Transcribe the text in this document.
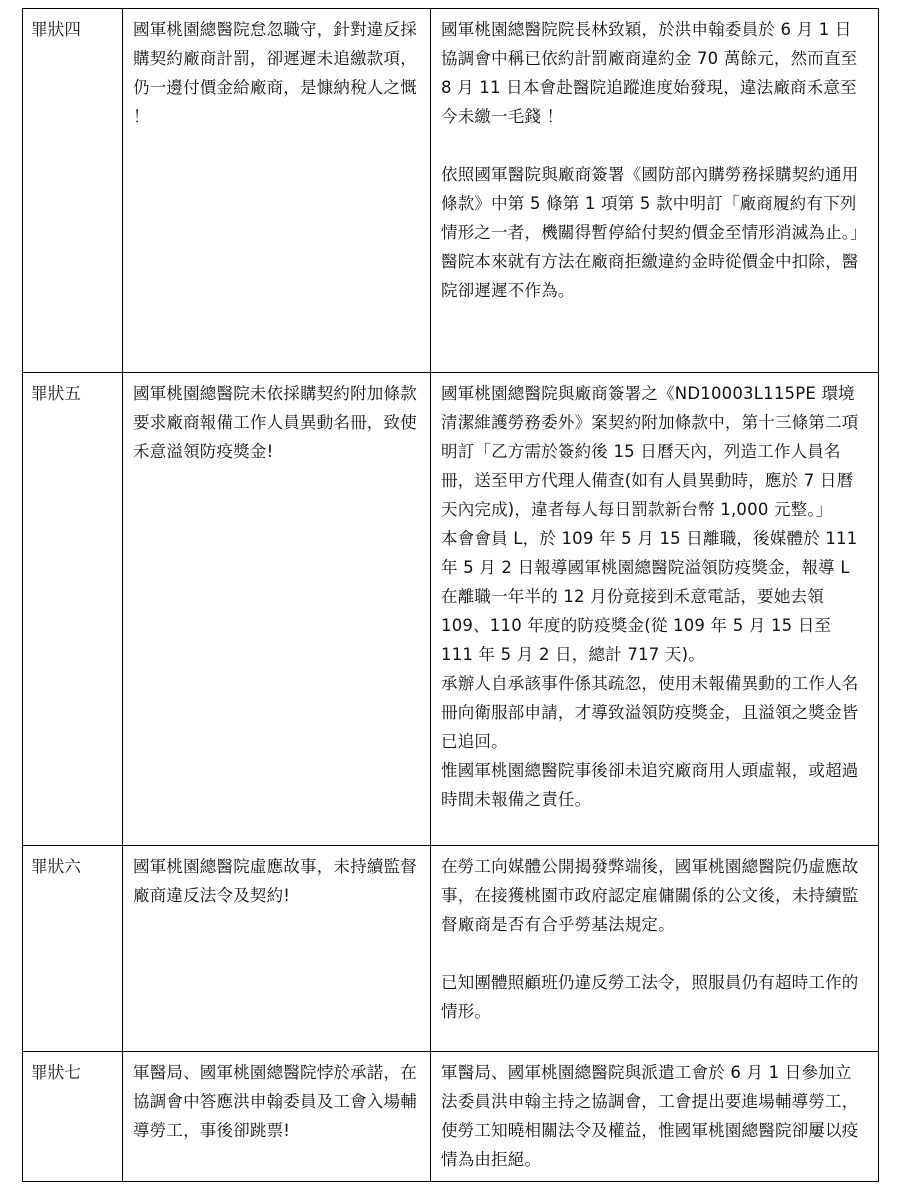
罪狀四	國軍桃園總醫院怠忽職守，針對違反採購契約廠商計罰，卻遲遲未追繳款項，仍一邊付價金給廠商，是慷納稅人之慨 ！	國軍桃園總醫院院長林致穎，於洪申翰委員於 6 月 1 日協調會中稱已依約計罰廠商違約金 70 萬餘元，然而直至 8 月 11 日本會赴醫院追蹤進度始發現，違法廠商禾意至今未繳一毛錢 ！
依照國軍醫院與廠商簽署《國防部內購勞務採購契約通用條款》中第 5 條第 1 項第 5 款中明訂「廠商履約有下列情形之一者，機關得暫停給付契約價金至情形消滅為止。」醫院本來就有方法在廠商拒繳違約金時從價金中扣除，醫院卻遲遲不作為。

罪狀五	國軍桃園總醫院未依採購契約附加條款要求廠商報備工作人員異動名冊，致使禾意溢領防疫獎金!	國軍桃園總醫院與廠商簽署之《ND10003L115PE 環境清潔維護勞務委外》案契約附加條款中，第十三條第二項明訂「乙方需於簽約後 15 日曆天內，列造工作人員名冊，送至甲方代理人備查(如有人員異動時，應於 7 日曆天內完成)，違者每人每日罰款新台幣 1,000 元整。」
本會會員 L，於 109 年 5 月 15 日離職，後媒體於 111 年 5 月 2 日報導國軍桃園總醫院溢領防疫獎金，報導 L 在離職一年半的 12 月份竟接到禾意電話，要她去領 109、110 年度的防疫獎金(從 109 年 5 月 15 日至 111 年 5 月 2 日，總計 717 天)。
承辦人自承該事件係其疏忽，使用未報備異動的工作人名冊向衛服部申請，才導致溢領防疫獎金，且溢領之獎金皆已追回。
惟國軍桃園總醫院事後卻未追究廠商用人頭虛報，或超過時間未報備之責任。

罪狀六	國軍桃園總醫院虛應故事，未持續監督廠商違反法令及契約!	在勞工向媒體公開揭發弊端後，國軍桃園總醫院仍虛應故事，在接獲桃園市政府認定雇傭關係的公文後，未持續監督廠商是否有合乎勞基法規定。
已知團體照顧班仍違反勞工法令，照服員仍有超時工作的情形。

罪狀七	軍醫局、國軍桃園總醫院悖於承諾，在協調會中答應洪申翰委員及工會入場輔導勞工，事後卻跳票!	軍醫局、國軍桃園總醫院與派遣工會於 6 月 1 日參加立法委員洪申翰主持之協調會，工會提出要進場輔導勞工，使勞工知曉相關法令及權益，惟國軍桃園總醫院卻屢以疫情為由拒絕。
